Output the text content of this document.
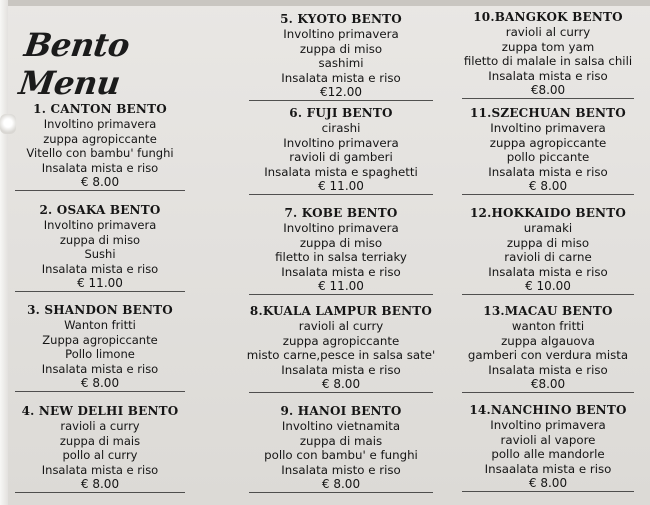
Bento Menu
1. CANTON BENTO
Involtino primavera
zuppa agropiccante
Vitello con bambu' funghi
Insalata mista e riso
€ 8.00
2. OSAKA BENTO
Involtino primavera
zuppa di miso
Sushi
Insalata mista e riso
€ 11.00
3. SHANDON BENTO
Wanton fritti
Zuppa agropiccante
Pollo limone
Insalata mista e riso
€ 8.00
4. NEW DELHI BENTO
ravioli a curry
zuppa di mais
pollo al curry
Insalata mista e riso
€ 8.00
5. KYOTO BENTO
Involtino primavera
zuppa di miso
sashimi
Insalata mista e riso
€12.00
6. FUJI BENTO
cirashi
Involtino primavera
ravioli di gamberi
Insalata mista e spaghetti
€ 11.00
7. KOBE BENTO
Involtino primavera
zuppa di miso
filetto in salsa terriaky
Insalata mista e riso
€ 11.00
8.KUALA LAMPUR BENTO
ravioli al curry
zuppa agropiccante
misto carne,pesce in salsa sate'
Insalata mista e riso
€ 8.00
9. HANOI BENTO
Involtino vietnamita
zuppa di mais
pollo con bambu' e funghi
Insalata misto e riso
€ 8.00
10.BANGKOK BENTO
ravioli al curry
zuppa tom yam
filetto di malale in salsa chili
Insalata mista e riso
€8.00
11.SZECHUAN BENTO
Involtino primavera
zuppa agropiccante
pollo piccante
Insalata mista e riso
€ 8.00
12.HOKKAIDO BENTO
uramaki
zuppa di miso
ravioli di carne
Insalata mista e riso
€ 10.00
13.MACAU BENTO
wanton fritti
zuppa algauova
gamberi con verdura mista
Insalata mista e riso
€8.00
14.NANCHINO BENTO
Involtino primavera
ravioli al vapore
pollo alle mandorle
Insaalata mista e riso
€ 8.00
